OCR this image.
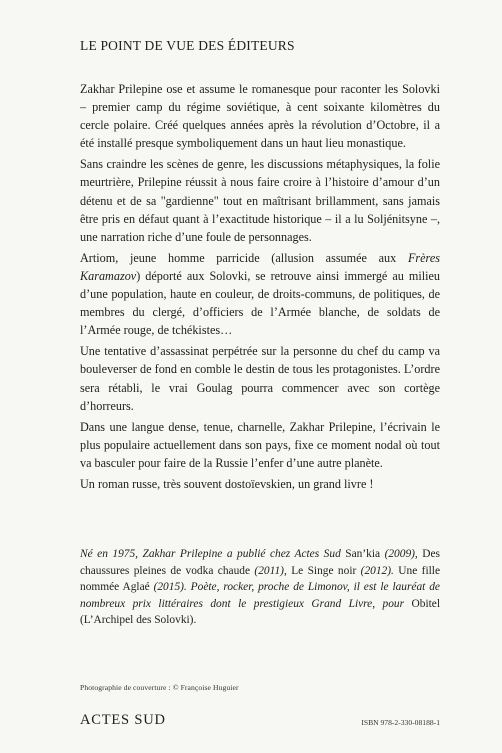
LE POINT DE VUE DES ÉDITEURS

Zakhar Prilepine ose et assume le romanesque pour raconter les Solovki – premier camp du régime soviétique, à cent soixante kilomètres du cercle polaire. Créé quelques années après la révolution d’Octobre, il a été installé presque symboliquement dans un haut lieu monastique.

Sans craindre les scènes de genre, les discussions métaphysiques, la folie meurtrière, Prilepine réussit à nous faire croire à l’histoire d’amour d’un détenu et de sa "gardienne" tout en maîtrisant brillamment, sans jamais être pris en défaut quant à l’exactitude historique – il a lu Soljénitsyne –, une narration riche d’une foule de personnages.

Artiom, jeune homme parricide (allusion assumée aux Frères Karamazov) déporté aux Solovki, se retrouve ainsi immergé au milieu d’une population, haute en couleur, de droits-communs, de politiques, de membres du clergé, d’officiers de l’Armée blanche, de soldats de l’Armée rouge, de tchékistes…

Une tentative d’assassinat perpétrée sur la personne du chef du camp va bouleverser de fond en comble le destin de tous les protagonistes. L’ordre sera rétabli, le vrai Goulag pourra commencer avec son cortège d’horreurs.

Dans une langue dense, tenue, charnelle, Zakhar Prilepine, l’écrivain le plus populaire actuellement dans son pays, fixe ce moment nodal où tout va basculer pour faire de la Russie l’enfer d’une autre planète.

Un roman russe, très souvent dostoïevskien, un grand livre !

Né en 1975, Zakhar Prilepine a publié chez Actes Sud San’kia (2009), Des chaussures pleines de vodka chaude (2011), Le Singe noir (2012). Une fille nommée Aglaé (2015). Poète, rocker, proche de Limonov, il est le lauréat de nombreux prix littéraires dont le prestigieux Grand Livre, pour Obitel (L’Archipel des Solovki).

Photographie de couverture : © Françoise Huguier
ACTES SUD	ISBN 978-2-330-08188-1
